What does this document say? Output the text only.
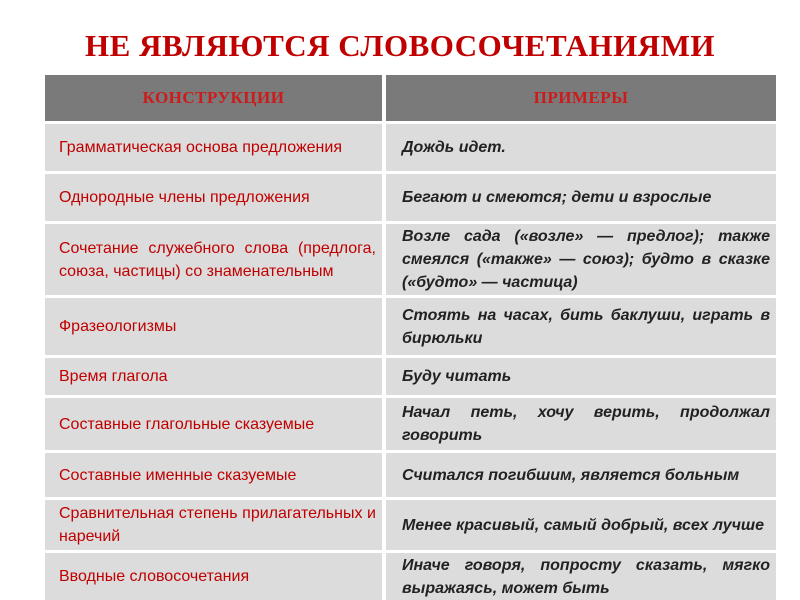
НЕ ЯВЛЯЮТСЯ СЛОВОСОЧЕТАНИЯМИ
КОНСТРУКЦИИ	ПРИМЕРЫ
Грамматическая основа предложения	Дождь идет.
Однородные члены предложения	Бегают и смеются; дети и взрослые
Сочетание служебного слова (предлога, союза, частицы) со знаменательным	Возле сада («возле» — предлог); также смеялся («также» — союз); будто в сказке («будто» — частица)
Фразеологизмы	Стоять на часах, бить баклуши, играть в бирюльки
Время глагола	Буду читать
Составные глагольные сказуемые	Начал петь, хочу верить, продолжал говорить
Составные именные сказуемые	Считался погибшим, является больным
Сравнительная степень прилагательных и наречий	Менее красивый, самый добрый, всех лучше
Вводные словосочетания	Иначе говоря, попросту сказать, мягко выражаясь, может быть
